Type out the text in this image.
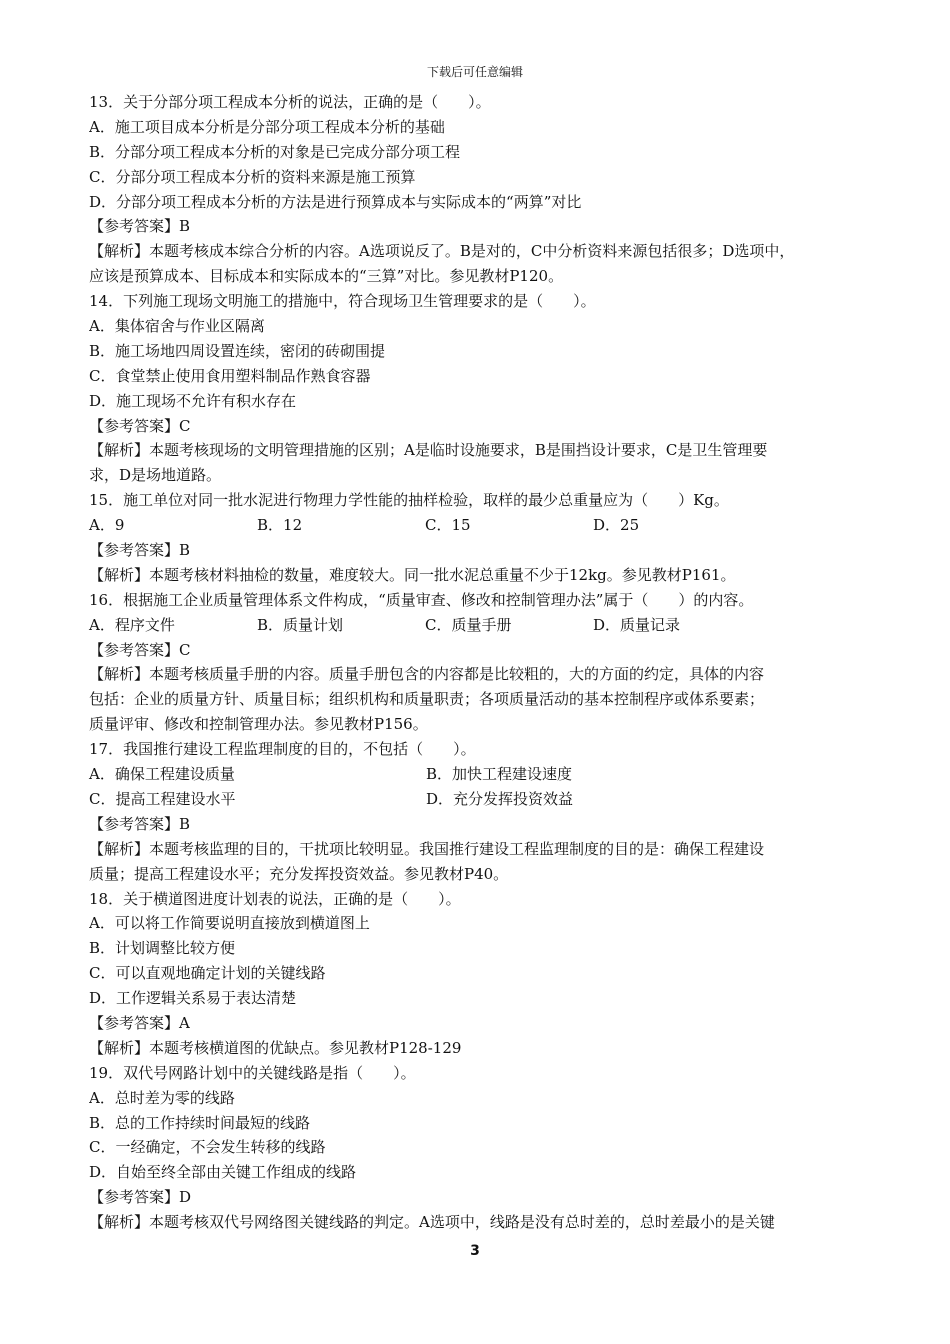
下载后可任意编辑
13．关于分部分项工程成本分析的说法，正确的是（　　）。
A．施工项目成本分析是分部分项工程成本分析的基础
B．分部分项工程成本分析的对象是已完成分部分项工程
C．分部分项工程成本分析的资料来源是施工预算
D．分部分项工程成本分析的方法是进行预算成本与实际成本的“两算”对比
【参考答案】B
【解析】本题考核成本综合分析的内容。A选项说反了。B是对的，C中分析资料来源包括很多；D选项中，
应该是预算成本、目标成本和实际成本的“三算”对比。参见教材P120。
14．下列施工现场文明施工的措施中，符合现场卫生管理要求的是（　　）。
A．集体宿舍与作业区隔离
B．施工场地四周设置连续，密闭的砖砌围提
C．食堂禁止使用食用塑料制品作熟食容器
D．施工现场不允许有积水存在
【参考答案】C
【解析】本题考核现场的文明管理措施的区别；A是临时设施要求，B是围挡设计要求，C是卫生管理要
求，D是场地道路。
15．施工单位对同一批水泥进行物理力学性能的抽样检验，取样的最少总重量应为（　　）Kg。
A．9	B．12	C．15	D．25
【参考答案】B
【解析】本题考核材料抽检的数量，难度较大。同一批水泥总重量不少于12kg。参见教材P161。
16．根据施工企业质量管理体系文件构成，“质量审查、修改和控制管理办法”属于（　　）的内容。
A．程序文件	B．质量计划	C．质量手册	D．质量记录
【参考答案】C
【解析】本题考核质量手册的内容。质量手册包含的内容都是比较粗的，大的方面的约定，具体的内容
包括：企业的质量方针、质量目标；组织机构和质量职责；各项质量活动的基本控制程序或体系要素；
质量评审、修改和控制管理办法。参见教材P156。
17．我国推行建设工程监理制度的目的，不包括（　　）。
A．确保工程建设质量	B．加快工程建设速度
C．提高工程建设水平	D．充分发挥投资效益
【参考答案】B
【解析】本题考核监理的目的，干扰项比较明显。我国推行建设工程监理制度的目的是：确保工程建设
质量；提高工程建设水平；充分发挥投资效益。参见教材P40。
18．关于横道图进度计划表的说法，正确的是（　　）。
A．可以将工作简要说明直接放到横道图上
B．计划调整比较方便
C．可以直观地确定计划的关键线路
D．工作逻辑关系易于表达清楚
【参考答案】A
【解析】本题考核横道图的优缺点。参见教材P128-129
19．双代号网路计划中的关键线路是指（　　）。
A．总时差为零的线路
B．总的工作持续时间最短的线路
C．一经确定，不会发生转移的线路
D．自始至终全部由关键工作组成的线路
【参考答案】D
【解析】本题考核双代号网络图关键线路的判定。A选项中，线路是没有总时差的，总时差最小的是关键
3
